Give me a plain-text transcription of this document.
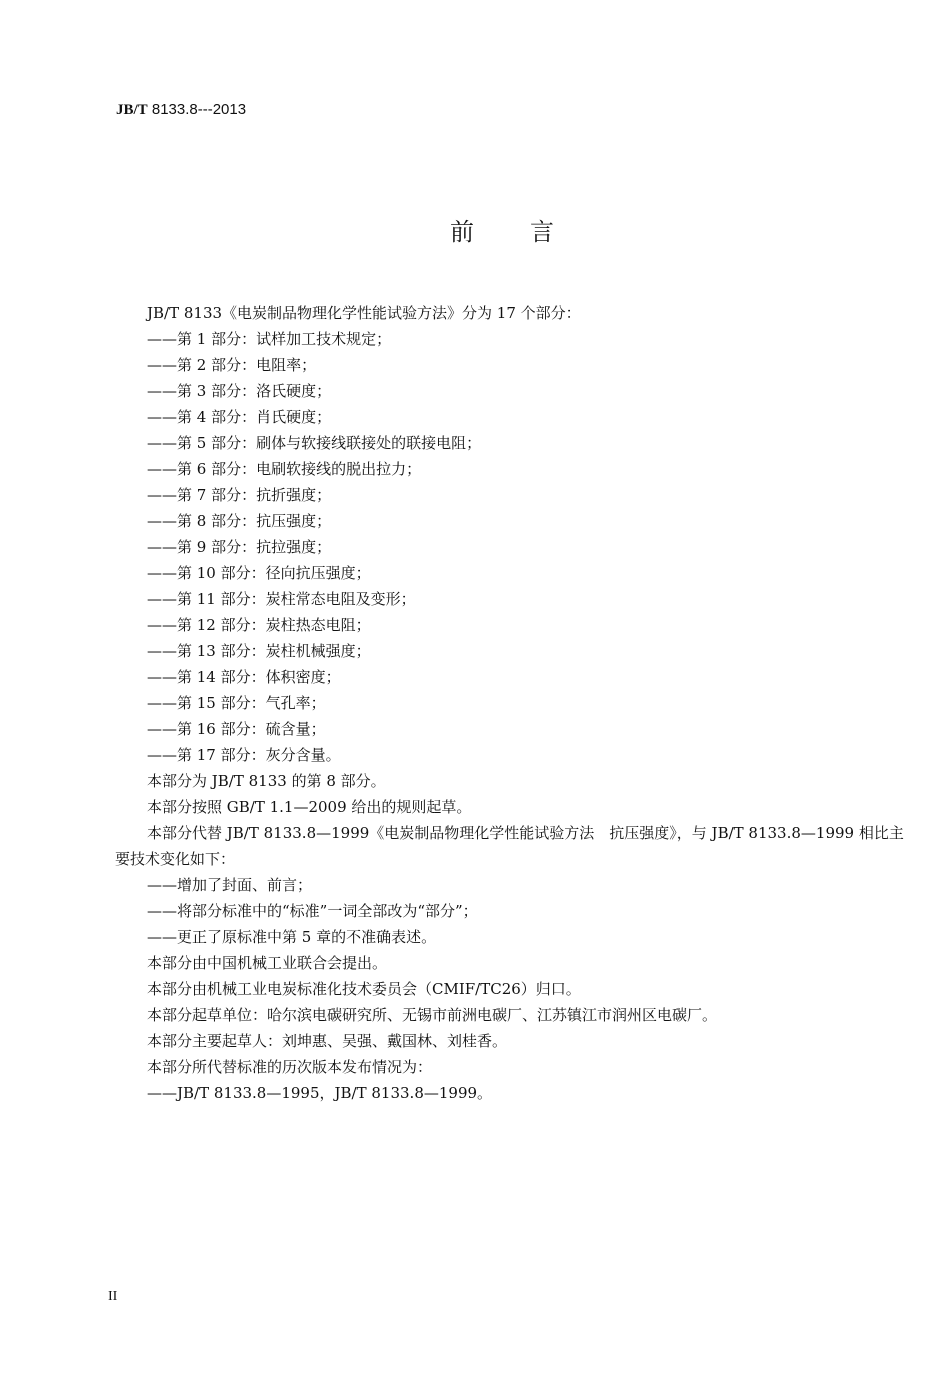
JB/T 8133.8---2013
前 言
JB/T 8133《电炭制品物理化学性能试验方法》分为 17 个部分：
——第 1 部分：试样加工技术规定；
——第 2 部分：电阻率；
——第 3 部分：洛氏硬度；
——第 4 部分：肖氏硬度；
——第 5 部分：刷体与软接线联接处的联接电阻；
——第 6 部分：电刷软接线的脱出拉力；
——第 7 部分：抗折强度；
——第 8 部分：抗压强度；
——第 9 部分：抗拉强度；
——第 10 部分：径向抗压强度；
——第 11 部分：炭柱常态电阻及变形；
——第 12 部分：炭柱热态电阻；
——第 13 部分：炭柱机械强度；
——第 14 部分：体积密度；
——第 15 部分：气孔率；
——第 16 部分：硫含量；
——第 17 部分：灰分含量。
本部分为 JB/T 8133 的第 8 部分。
本部分按照 GB/T 1.1—2009 给出的规则起草。
本部分代替 JB/T 8133.8—1999《电炭制品物理化学性能试验方法　抗压强度》，与 JB/T 8133.8—1999 相比主要技术变化如下：
——增加了封面、前言；
——将部分标准中的“标准”一词全部改为“部分”；
——更正了原标准中第 5 章的不准确表述。
本部分由中国机械工业联合会提出。
本部分由机械工业电炭标准化技术委员会（CMIF/TC26）归口。
本部分起草单位：哈尔滨电碳研究所、无锡市前洲电碳厂、江苏镇江市润州区电碳厂。
本部分主要起草人：刘坤惠、吴强、戴国林、刘桂香。
本部分所代替标准的历次版本发布情况为：
——JB/T 8133.8—1995，JB/T 8133.8—1999。
II
